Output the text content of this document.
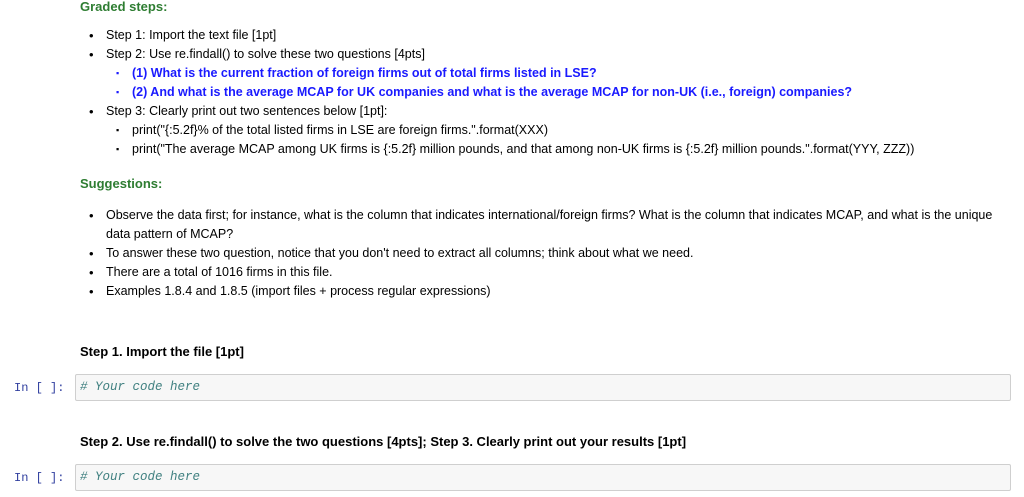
Graded steps:

• Step 1: Import the text file [1pt]
• Step 2: Use re.findall() to solve these two questions [4pts]
▪ (1) What is the current fraction of foreign firms out of total firms listed in LSE?
▪ (2) And what is the average MCAP for UK companies and what is the average MCAP for non-UK (i.e., foreign) companies?
• Step 3: Clearly print out two sentences below [1pt]:
▪ print("{:5.2f}% of the total listed firms in LSE are foreign firms.".format(XXX)
▪ print("The average MCAP among UK firms is {:5.2f} million pounds, and that among non-UK firms is {:5.2f} million pounds.".format(YYY, ZZZ))

Suggestions:

• Observe the data first; for instance, what is the column that indicates international/foreign firms? What is the column that indicates MCAP, and what is the unique data pattern of MCAP?
• To answer these two question, notice that you don't need to extract all columns; think about what we need.
• There are a total of 1016 firms in this file.
• Examples 1.8.4 and 1.8.5 (import files + process regular expressions)

Step 1. Import the file [1pt]

In [ ]:	# Your code here

Step 2. Use re.findall() to solve the two questions [4pts]; Step 3. Clearly print out your results [1pt]

In [ ]:	# Your code here
